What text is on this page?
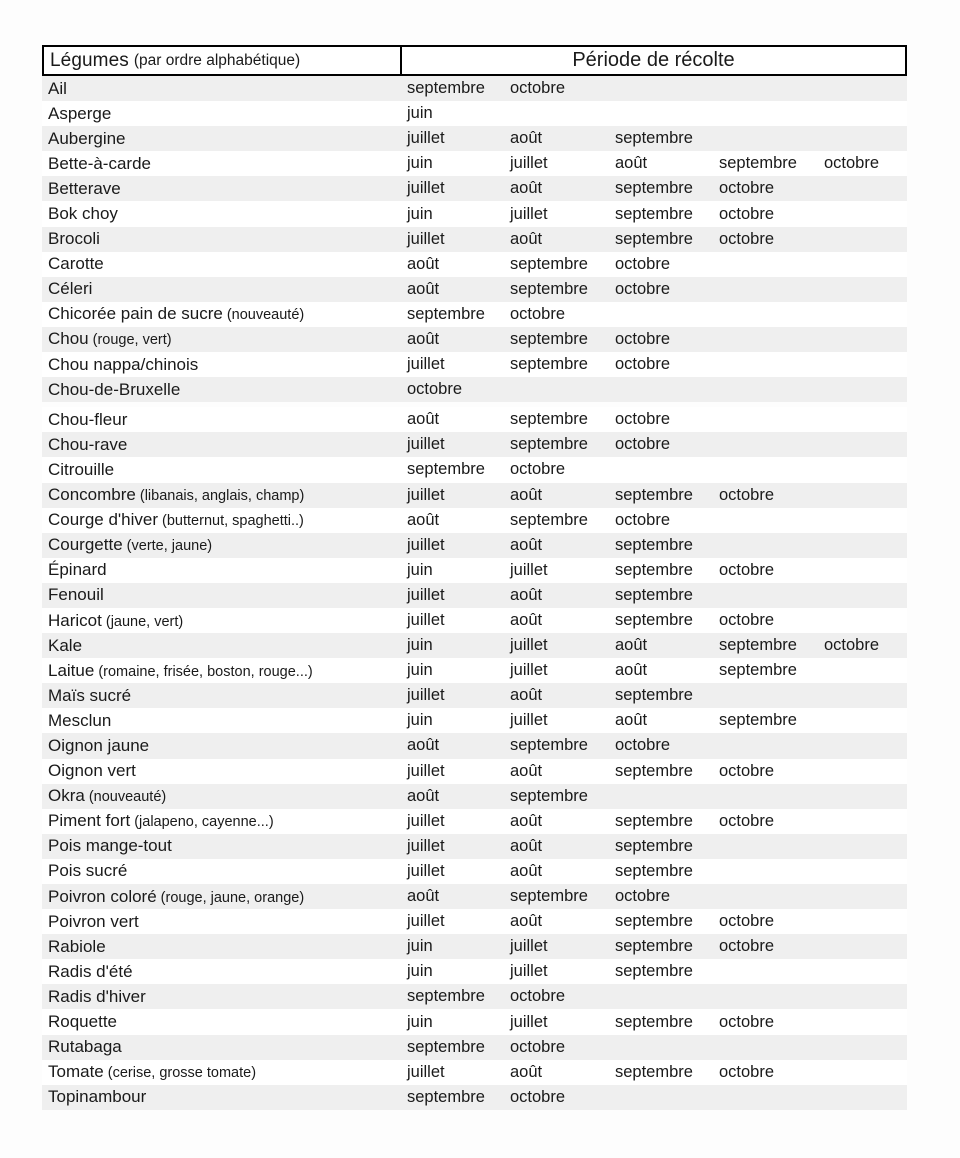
Légumes (par ordre alphabétique)	Période de récolte
Ail	septembre	octobre
Asperge	juin
Aubergine	juillet	août	septembre
Bette-à-carde	juin	juillet	août	septembre	octobre
Betterave	juillet	août	septembre	octobre
Bok choy	juin	juillet	septembre	octobre
Brocoli	juillet	août	septembre	octobre
Carotte	août	septembre	octobre
Céleri	août	septembre	octobre
Chicorée pain de sucre (nouveauté)	septembre	octobre
Chou (rouge, vert)	août	septembre	octobre
Chou nappa/chinois	juillet	septembre	octobre
Chou-de-Bruxelle	octobre
Chou-fleur	août	septembre	octobre
Chou-rave	juillet	septembre	octobre
Citrouille	septembre	octobre
Concombre (libanais, anglais, champ)	juillet	août	septembre	octobre
Courge d'hiver (butternut, spaghetti..)	août	septembre	octobre
Courgette (verte, jaune)	juillet	août	septembre
Épinard	juin	juillet	septembre	octobre
Fenouil	juillet	août	septembre
Haricot (jaune, vert)	juillet	août	septembre	octobre
Kale	juin	juillet	août	septembre	octobre
Laitue (romaine, frisée, boston, rouge...)	juin	juillet	août	septembre
Maïs sucré	juillet	août	septembre
Mesclun	juin	juillet	août	septembre
Oignon jaune	août	septembre	octobre
Oignon vert	juillet	août	septembre	octobre
Okra (nouveauté)	août	septembre
Piment fort (jalapeno, cayenne...)	juillet	août	septembre	octobre
Pois mange-tout	juillet	août	septembre
Pois sucré	juillet	août	septembre
Poivron coloré (rouge, jaune, orange)	août	septembre	octobre
Poivron vert	juillet	août	septembre	octobre
Rabiole	juin	juillet	septembre	octobre
Radis d'été	juin	juillet	septembre
Radis d'hiver	septembre	octobre
Roquette	juin	juillet	septembre	octobre
Rutabaga	septembre	octobre
Tomate (cerise, grosse tomate)	juillet	août	septembre	octobre
Topinambour	septembre	octobre
